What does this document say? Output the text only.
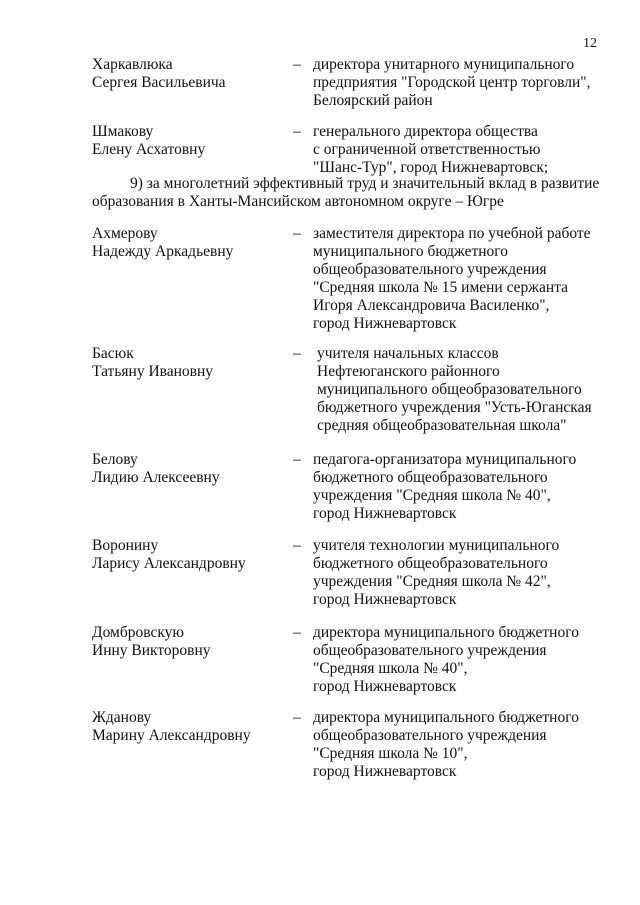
12
Харкавлюка
Сергея Васильевича
– директора унитарного муниципального
предприятия "Городской центр торговли",
Белоярский район
Шмакову
Елену Асхатовну
– генерального директора общества
с ограниченной ответственностью
"Шанс-Тур", город Нижневартовск;
9) за многолетний эффективный труд и значительный вклад в развитие
образования в Ханты-Мансийском автономном округе – Югре
Ахмерову
Надежду Аркадьевну
– заместителя директора по учебной работе
муниципального бюджетного
общеобразовательного учреждения
"Средняя школа № 15 имени сержанта
Игоря Александровича Василенко",
город Нижневартовск
Басюк
Татьяну Ивановну
– учителя начальных классов
Нефтеюганского районного
муниципального общеобразовательного
бюджетного учреждения "Усть-Юганская
средняя общеобразовательная школа"
Белову
Лидию Алексеевну
– педагога-организатора муниципального
бюджетного общеобразовательного
учреждения "Средняя школа № 40",
город Нижневартовск
Воронину
Ларису Александровну
– учителя технологии муниципального
бюджетного общеобразовательного
учреждения "Средняя школа № 42",
город Нижневартовск
Домбровскую
Инну Викторовну
– директора муниципального бюджетного
общеобразовательного учреждения
"Средняя школа № 40",
город Нижневартовск
Жданову
Марину Александровну
– директора муниципального бюджетного
общеобразовательного учреждения
"Средняя школа № 10",
город Нижневартовск
